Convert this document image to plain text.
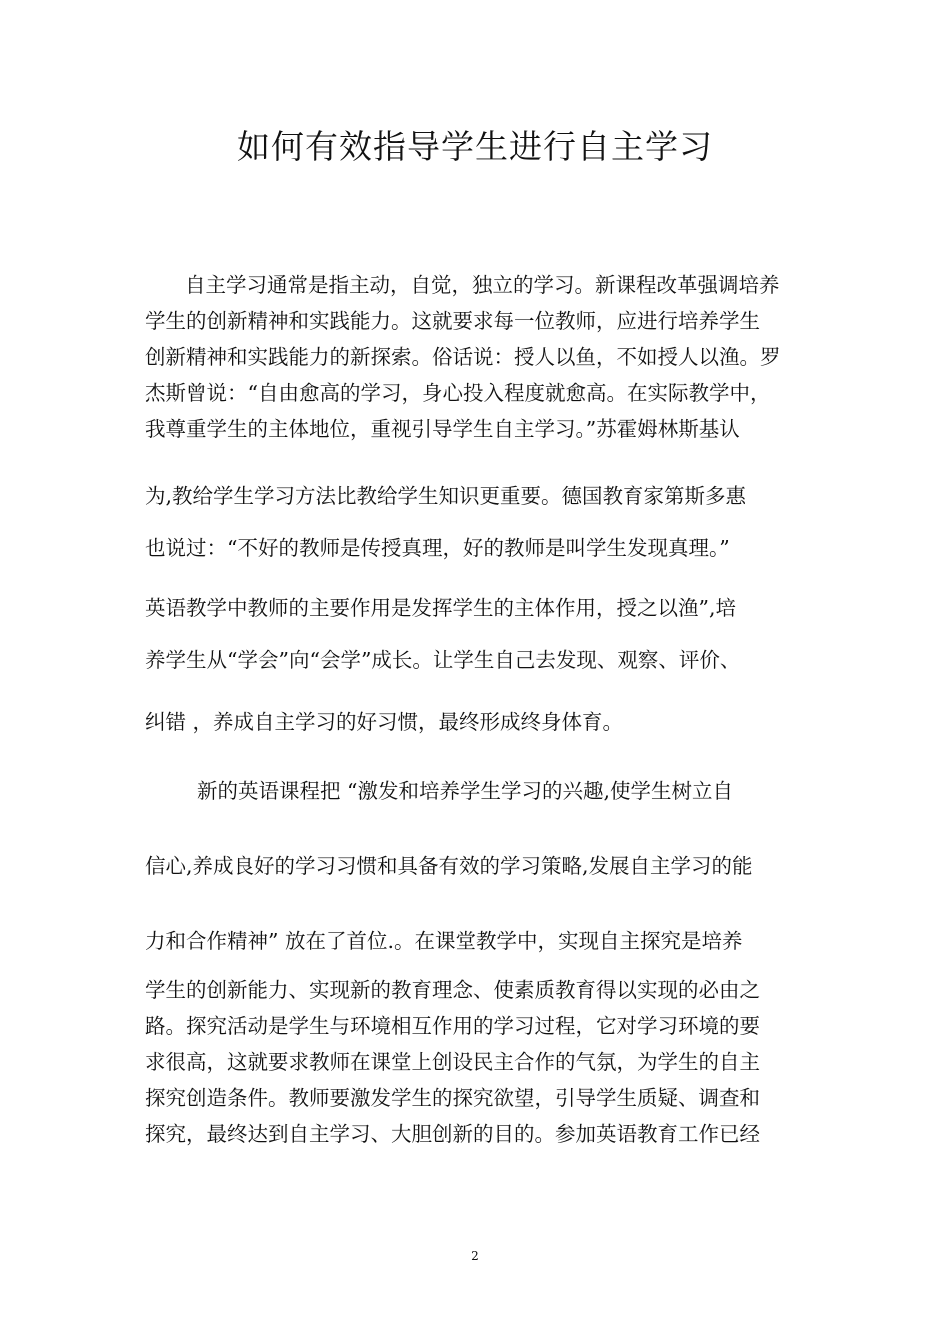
如何有效指导学生进行自主学习

自主学习通常是指主动，自觉，独立的学习。新课程改革强调培养

学生的创新精神和实践能力。这就要求每一位教师，应进行培养学生

创新精神和实践能力的新探索。俗话说：授人以鱼，不如授人以渔。罗

杰斯曾说：“自由愈高的学习，身心投入程度就愈高。在实际教学中，

我尊重学生的主体地位，重视引导学生自主学习。”苏霍姆林斯基认

为,教给学生学习方法比教给学生知识更重要。德国教育家第斯多惠

也说过：“不好的教师是传授真理，好的教师是叫学生发现真理。”

英语教学中教师的主要作用是发挥学生的主体作用，授之以渔”,培

养学生从“学会”向“会学”成长。让学生自己去发现、观察、评价、

纠错 ，养成自主学习的好习惯，最终形成终身体育。

新的英语课程把 “激发和培养学生学习的兴趣,使学生树立自

信心,养成良好的学习习惯和具备有效的学习策略,发展自主学习的能

力和合作精神” 放在了首位.。在课堂教学中，实现自主探究是培养

学生的创新能力、实现新的教育理念、使素质教育得以实现的必由之

路。探究活动是学生与环境相互作用的学习过程，它对学习环境的要

求很高，这就要求教师在课堂上创设民主合作的气氛，为学生的自主

探究创造条件。教师要激发学生的探究欲望，引导学生质疑、调查和

探究，最终达到自主学习、大胆创新的目的。参加英语教育工作已经

2
